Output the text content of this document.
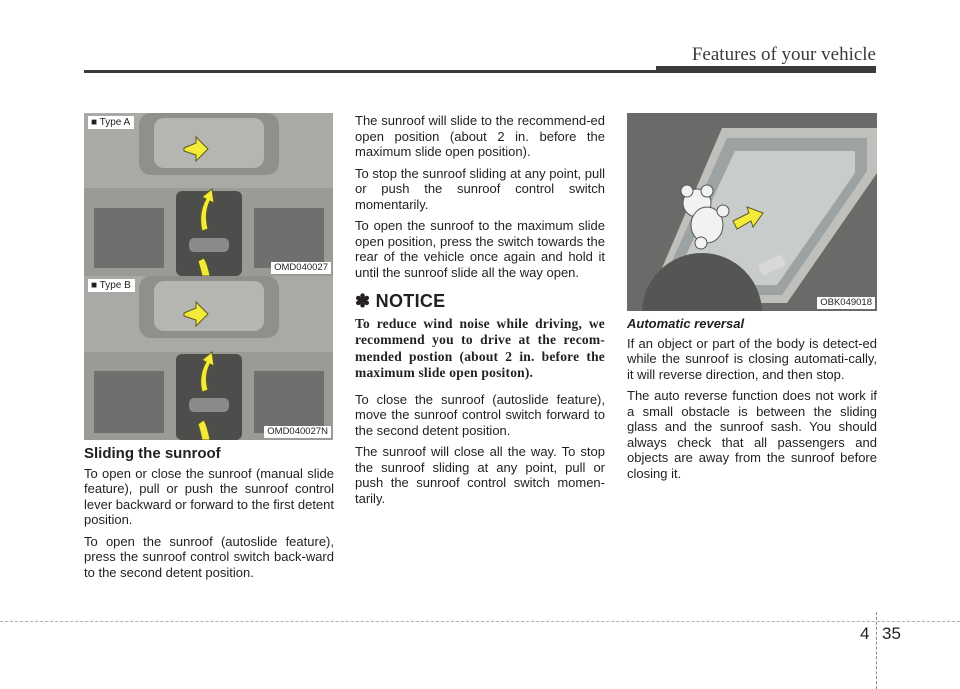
Features of your vehicle
■ Type A
OMD040027
■ Type B
OMD040027N
OBK049018
Sliding the sunroof

To open or close the sunroof (manual slide feature), pull or push the sunroof control lever backward or forward to the first detent position.

To open the sunroof (autoslide feature), press the sunroof control switch back-ward to the second detent position.

The sunroof will slide to the recommend-ed open position (about 2 in. before the maximum slide open position).

To stop the sunroof sliding at any point, pull or push the sunroof control switch momentarily.

To open the sunroof to the maximum slide open position, press the switch towards the rear of the vehicle once again and hold it until the sunroof slide all the way open.

✽ NOTICE
To reduce wind noise while driving, we recommend you to drive at the recom-mended postion (about 2 in. before the maximum slide open positon).

To close the sunroof (autoslide feature), move the sunroof control switch forward to the second detent position.

The sunroof will close all the way. To stop the sunroof sliding at any point, pull or push the sunroof control switch momen-tarily.

Automatic reversal

If an object or part of the body is detect-ed while the sunroof is closing automati-cally, it will reverse direction, and then stop.

The auto reverse function does not work if a small obstacle is between the sliding glass and the sunroof sash. You should always check that all passengers and objects are away from the sunroof before closing it.

4 35
